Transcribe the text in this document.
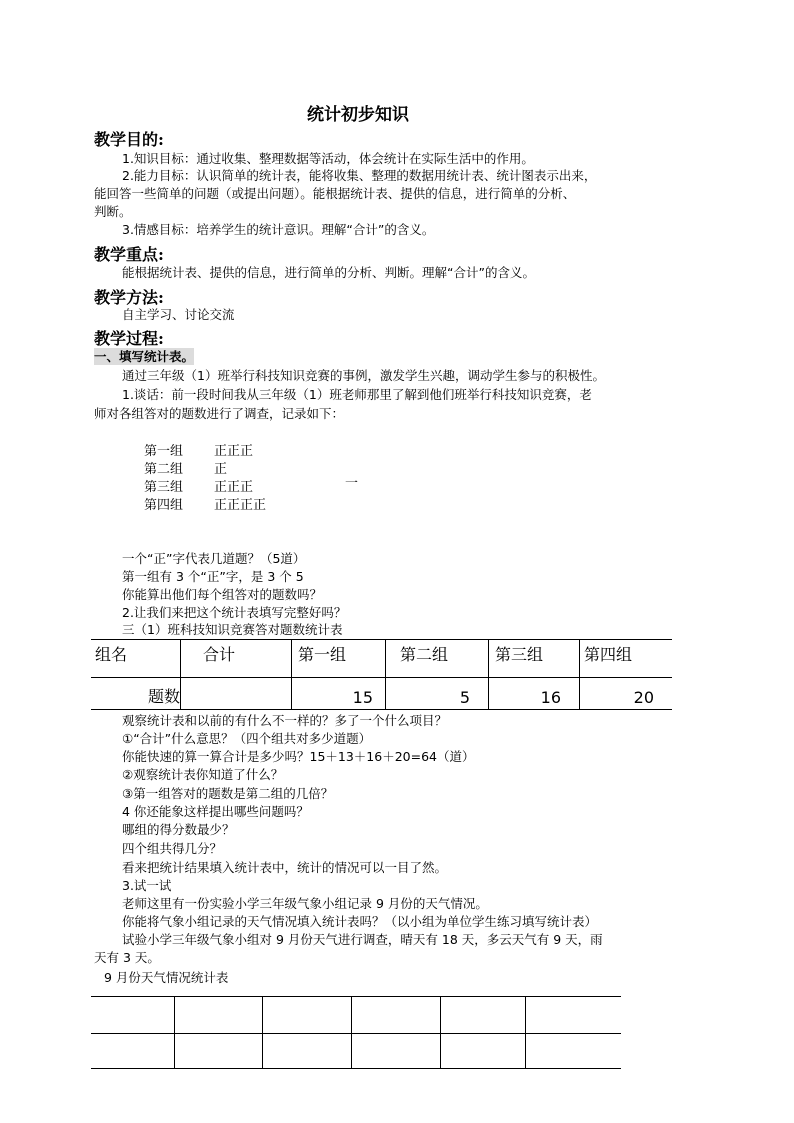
统计初步知识
教学目的:
1.知识目标：通过收集、整理数据等活动，体会统计在实际生活中的作用。
2.能力目标：认识简单的统计表，能将收集、整理的数据用统计表、统计图表示出来，
能回答一些简单的问题（或提出问题）。能根据统计表、提供的信息，进行简单的分析、
判断。
3.情感目标：培养学生的统计意识。理解“合计”的含义。
教学重点:
能根据统计表、提供的信息，进行简单的分析、判断。理解“合计”的含义。
教学方法:
自主学习、讨论交流
教学过程:
一、填写统计表。
通过三年级（1）班举行科技知识竞赛的事例，激发学生兴趣，调动学生参与的积极性。
1.谈话：前一段时间我从三年级（1）班老师那里了解到他们班举行科技知识竞赛，老
师对各组答对的题数进行了调查，记录如下：
第一组 正正正
第二组 正
第三组 正正正	一
第四组 正正正正
一个“正”字代表几道题？（5道）
第一组有 3 个“正”字，是 3 个 5
你能算出他们每个组答对的题数吗？
2.让我们来把这个统计表填写完整好吗？
三（1）班科技知识竞赛答对题数统计表
组名	合计	第一组	第二组	第三组	第四组
题数		15	5	16	20
观察统计表和以前的有什么不一样的？多了一个什么项目？
①“合计”什么意思？（四个组共对多少道题）
你能快速的算一算合计是多少吗？15＋13＋16＋20=64（道）
②观察统计表你知道了什么？
③第一组答对的题数是第二组的几倍？
4 你还能象这样提出哪些问题吗？
哪组的得分数最少？
四个组共得几分？
看来把统计结果填入统计表中，统计的情况可以一目了然。
3.试一试
老师这里有一份实验小学三年级气象小组记录 9 月份的天气情况。
你能将气象小组记录的天气情况填入统计表吗？（以小组为单位学生练习填写统计表）
试验小学三年级气象小组对 9 月份天气进行调查，晴天有 18 天，多云天气有 9 天，雨
天有 3 天。
9 月份天气情况统计表
